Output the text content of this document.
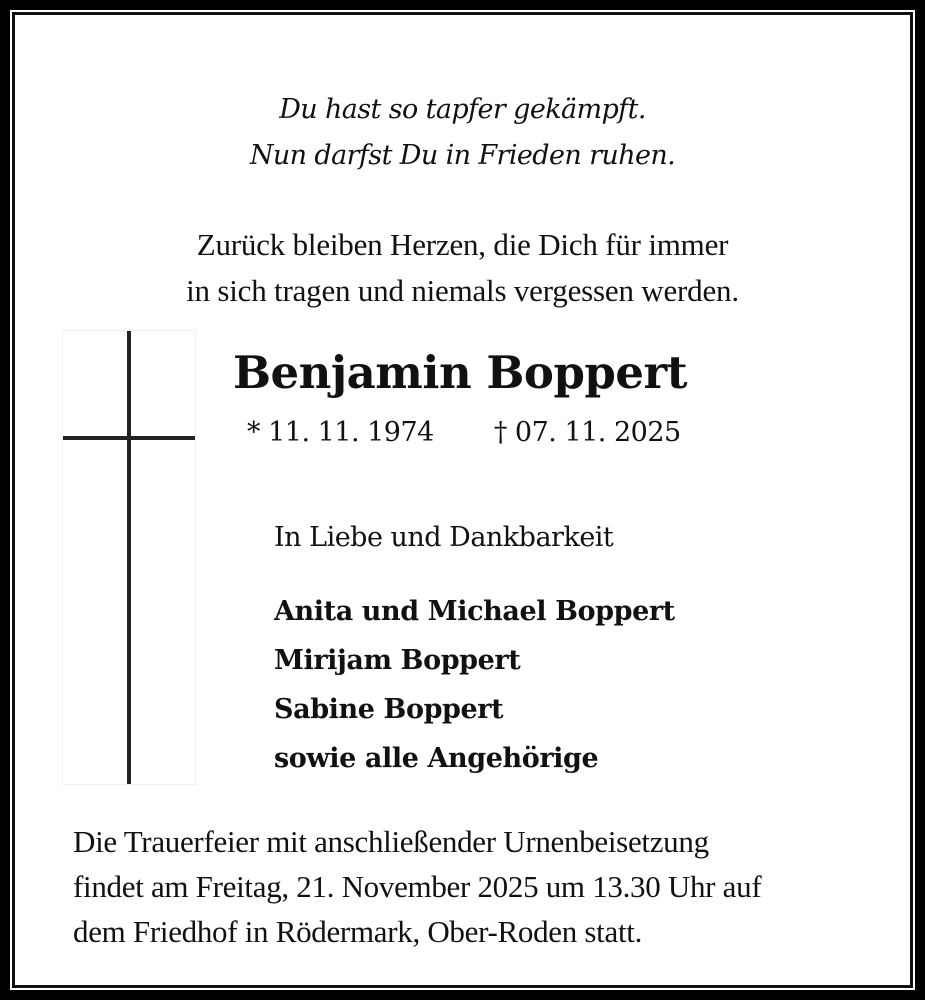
Du hast so tapfer gekämpft.
Nun darfst Du in Frieden ruhen.
Zurück bleiben Herzen, die Dich für immer
in sich tragen und niemals vergessen werden.
Benjamin Boppert
* 11. 11. 1974 † 07. 11. 2025
In Liebe und Dankbarkeit
Anita und Michael Boppert
Mirijam Boppert
Sabine Boppert
sowie alle Angehörige
Die Trauerfeier mit anschließender Urnenbeisetzung
findet am Freitag, 21. November 2025 um 13.30 Uhr auf
dem Friedhof in Rödermark, Ober-Roden statt.
